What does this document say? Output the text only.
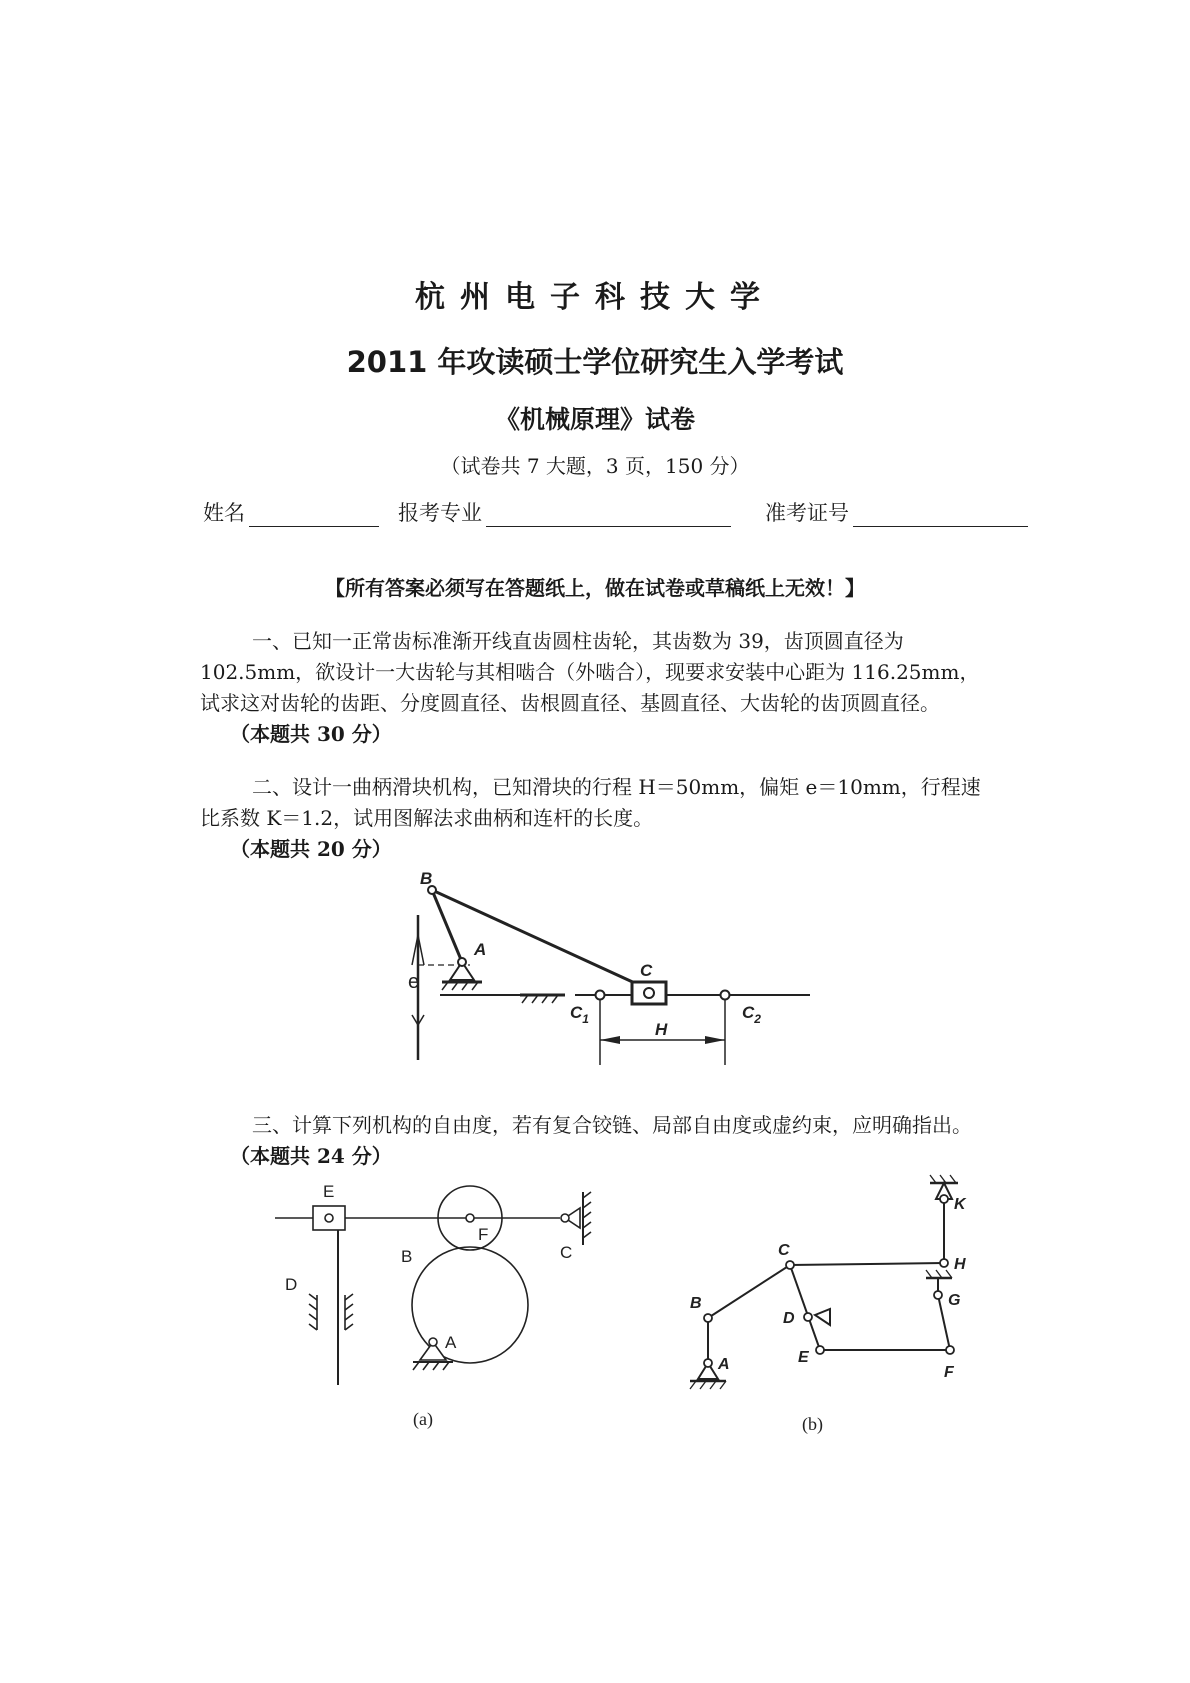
杭州电子科技大学
2011 年攻读硕士学位研究生入学考试
《机械原理》试卷
（试卷共 7 大题，3 页，150 分）
姓名	报考专业	准考证号
【所有答案必须写在答题纸上，做在试卷或草稿纸上无效！】

一、已知一正常齿标准渐开线直齿圆柱齿轮，其齿数为 39，齿顶圆直径为

102.5mm，欲设计一大齿轮与其相啮合（外啮合），现要求安装中心距为 116.25mm，

试求这对齿轮的齿距、分度圆直径、齿根圆直径、基圆直径、大齿轮的齿顶圆直径。

（本题共 30 分）

二、设计一曲柄滑块机构，已知滑块的行程 H＝50mm，偏矩 e＝10mm，行程速

比系数 K＝1.2，试用图解法求曲柄和连杆的长度。

（本题共 20 分）

B
A
C
$C_1$	$C_2$
H
e

三、计算下列机构的自由度，若有复合铰链、局部自由度或虚约束，应明确指出。

（本题共 24 分）

E
F
B	C
D
A
(a)
K
H
C
G
B
D
E
F
A
(b)
